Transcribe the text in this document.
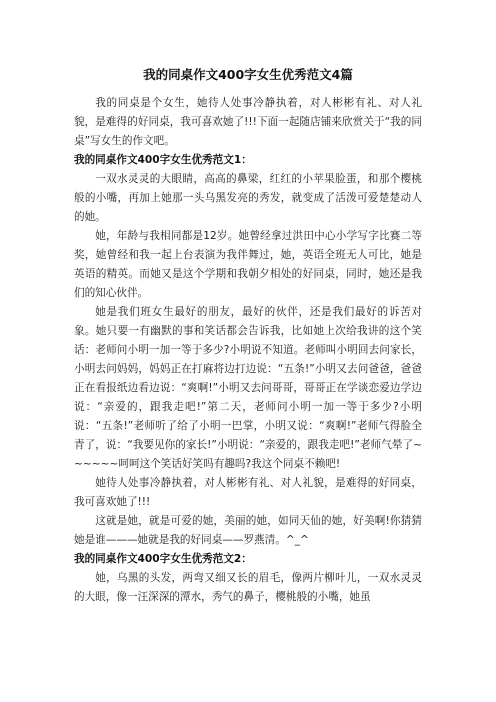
我的同桌作文400字女生优秀范文4篇

我的同桌是个女生，她待人处事冷静执着，对人彬彬有礼、对人礼貌，是难得的好同桌，我可喜欢她了!!!下面一起随店铺来欣赏关于“我的同桌”写女生的作文吧。

我的同桌作文400字女生优秀范文1：

一双水灵灵的大眼睛，高高的鼻梁，红红的小苹果脸蛋，和那个樱桃般的小嘴，再加上她那一头乌黑发亮的秀发，就变成了活泼可爱楚楚动人的她。

她，年龄与我相同都是12岁。她曾经拿过洪田中心小学写字比赛二等奖，她曾经和我一起上台表演为我伴舞过，她，英语全班无人可比，她是英语的精英。而她又是这个学期和我朝夕相处的好同桌，同时，她还是我们的知心伙伴。

她是我们班女生最好的朋友，最好的伙伴，还是我们最好的诉苦对象。她只要一有幽默的事和笑话都会告诉我，比如她上次给我讲的这个笑话：老师问小明一加一等于多少?小明说不知道。老师叫小明回去问家长，小明去问妈妈，妈妈正在打麻将边打边说：“五条!”小明又去问爸爸，爸爸正在看报纸边看边说：“爽啊!”小明又去问哥哥，哥哥正在学谈恋爱边学边说：“亲爱的，跟我走吧!”第二天，老师问小明一加一等于多少?小明说：“五条!”老师听了给了小明一巴掌，小明又说：“爽啊!”老师气得脸全青了，说：“我要见你的家长!”小明说：“亲爱的，跟我走吧!”老师气晕了~~~~~~呵呵这个笑话好笑吗有趣吗?我这个同桌不赖吧!

她待人处事冷静执着，对人彬彬有礼、对人礼貌，是难得的好同桌，我可喜欢她了!!!

这就是她，就是可爱的她，美丽的她，如同天仙的她，好美啊!你猜猜她是谁———她就是我的好同桌——罗燕清。^_^

我的同桌作文400字女生优秀范文2：

她，乌黑的头发，两弯又细又长的眉毛，像两片柳叶儿，一双水灵灵的大眼，像一汪深深的潭水，秀气的鼻子，樱桃般的小嘴，她虽
